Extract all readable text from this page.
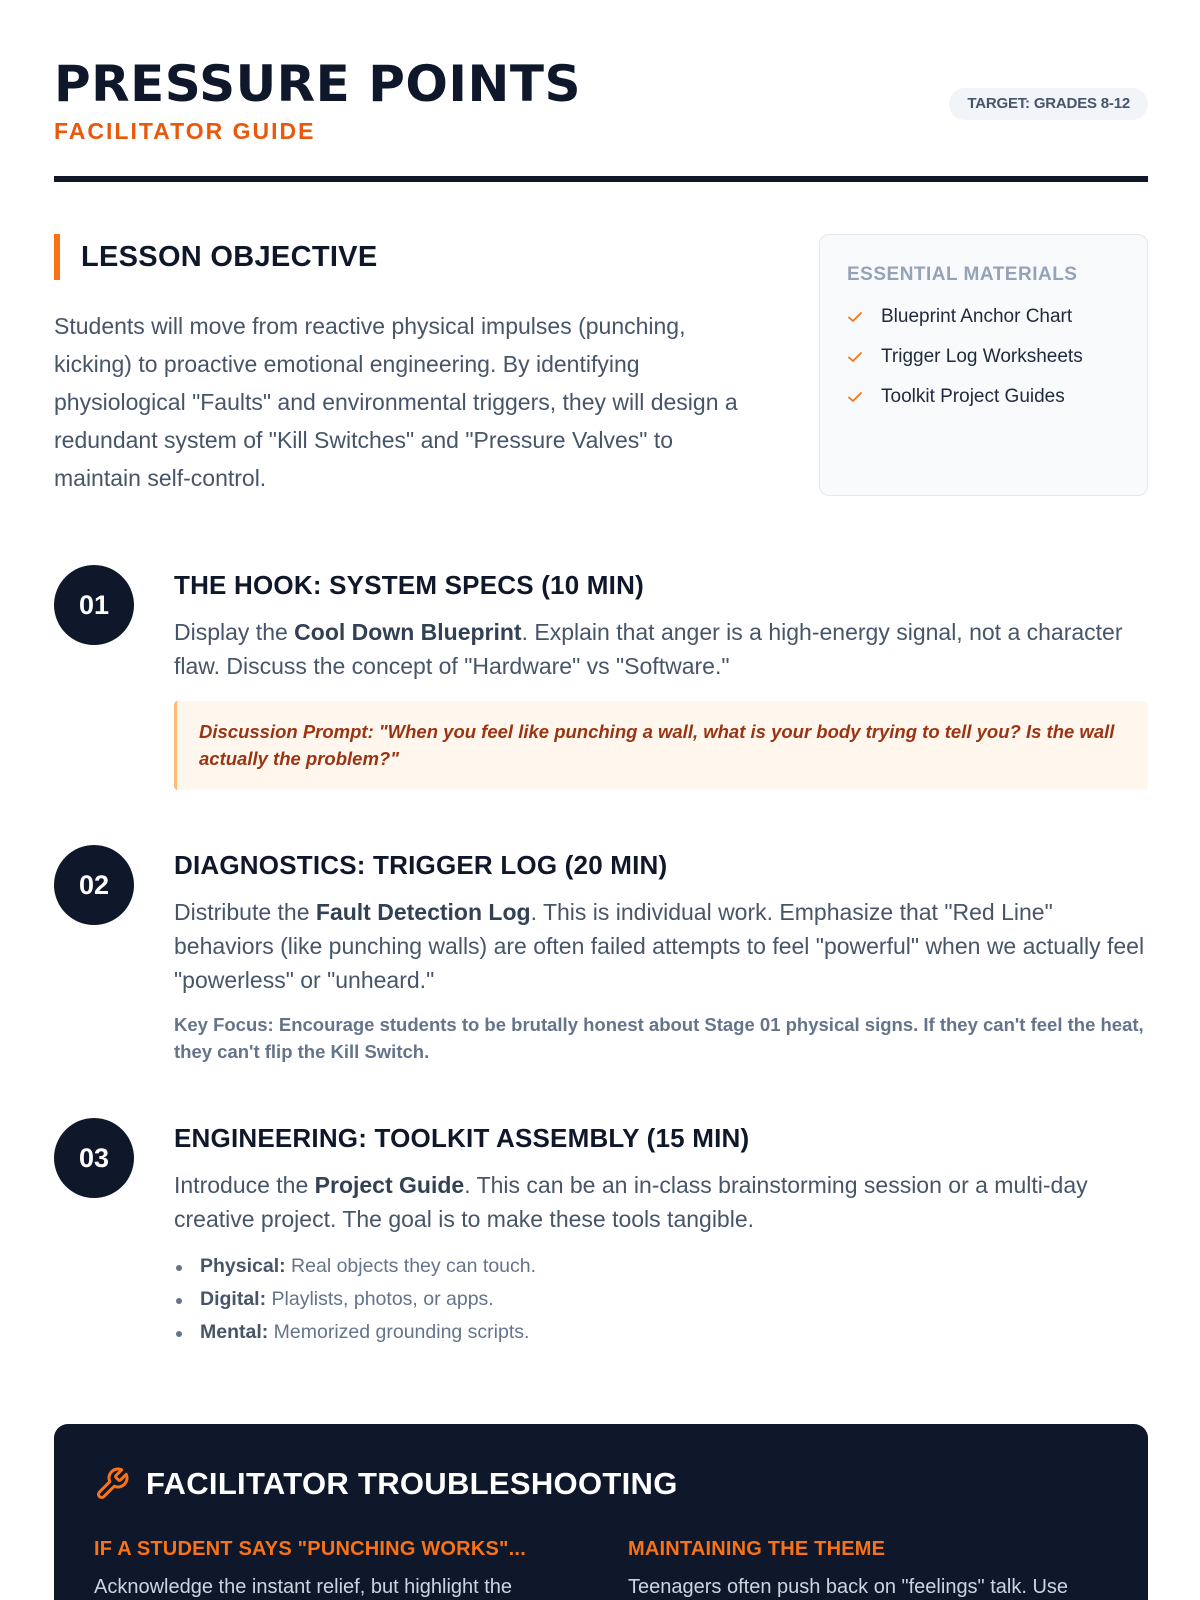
PRESSURE POINTS
FACILITATOR GUIDE
TARGET: GRADES 8-12
LESSON OBJECTIVE

Students will move from reactive physical impulses (punching, kicking) to proactive emotional engineering. By identifying physiological "Faults" and environmental triggers, they will design a redundant system of "Kill Switches" and "Pressure Valves" to maintain self-control.

ESSENTIAL MATERIALS
Blueprint Anchor Chart
Trigger Log Worksheets
Toolkit Project Guides
01
THE HOOK: SYSTEM SPECS (10 MIN)

Display the Cool Down Blueprint. Explain that anger is a high-energy signal, not a character flaw. Discuss the concept of "Hardware" vs "Software."

Discussion Prompt: "When you feel like punching a wall, what is your body trying to tell you? Is the wall actually the problem?"
02
DIAGNOSTICS: TRIGGER LOG (20 MIN)

Distribute the Fault Detection Log. This is individual work. Emphasize that "Red Line" behaviors (like punching walls) are often failed attempts to feel "powerful" when we actually feel "powerless" or "unheard."

Key Focus: Encourage students to be brutally honest about Stage 01 physical signs. If they can't feel the heat, they can't flip the Kill Switch.
03
ENGINEERING: TOOLKIT ASSEMBLY (15 MIN)

Introduce the Project Guide. This can be an in-class brainstorming session or a multi-day creative project. The goal is to make these tools tangible.

Physical: Real objects they can touch.
Digital: Playlists, photos, or apps.
Mental: Memorized grounding scripts.
FACILITATOR TROUBLESHOOTING
IF A STUDENT SAYS "PUNCHING WORKS"...
Acknowledge the instant relief, but highlight the
MAINTAINING THE THEME
Teenagers often push back on "feelings" talk. Use
